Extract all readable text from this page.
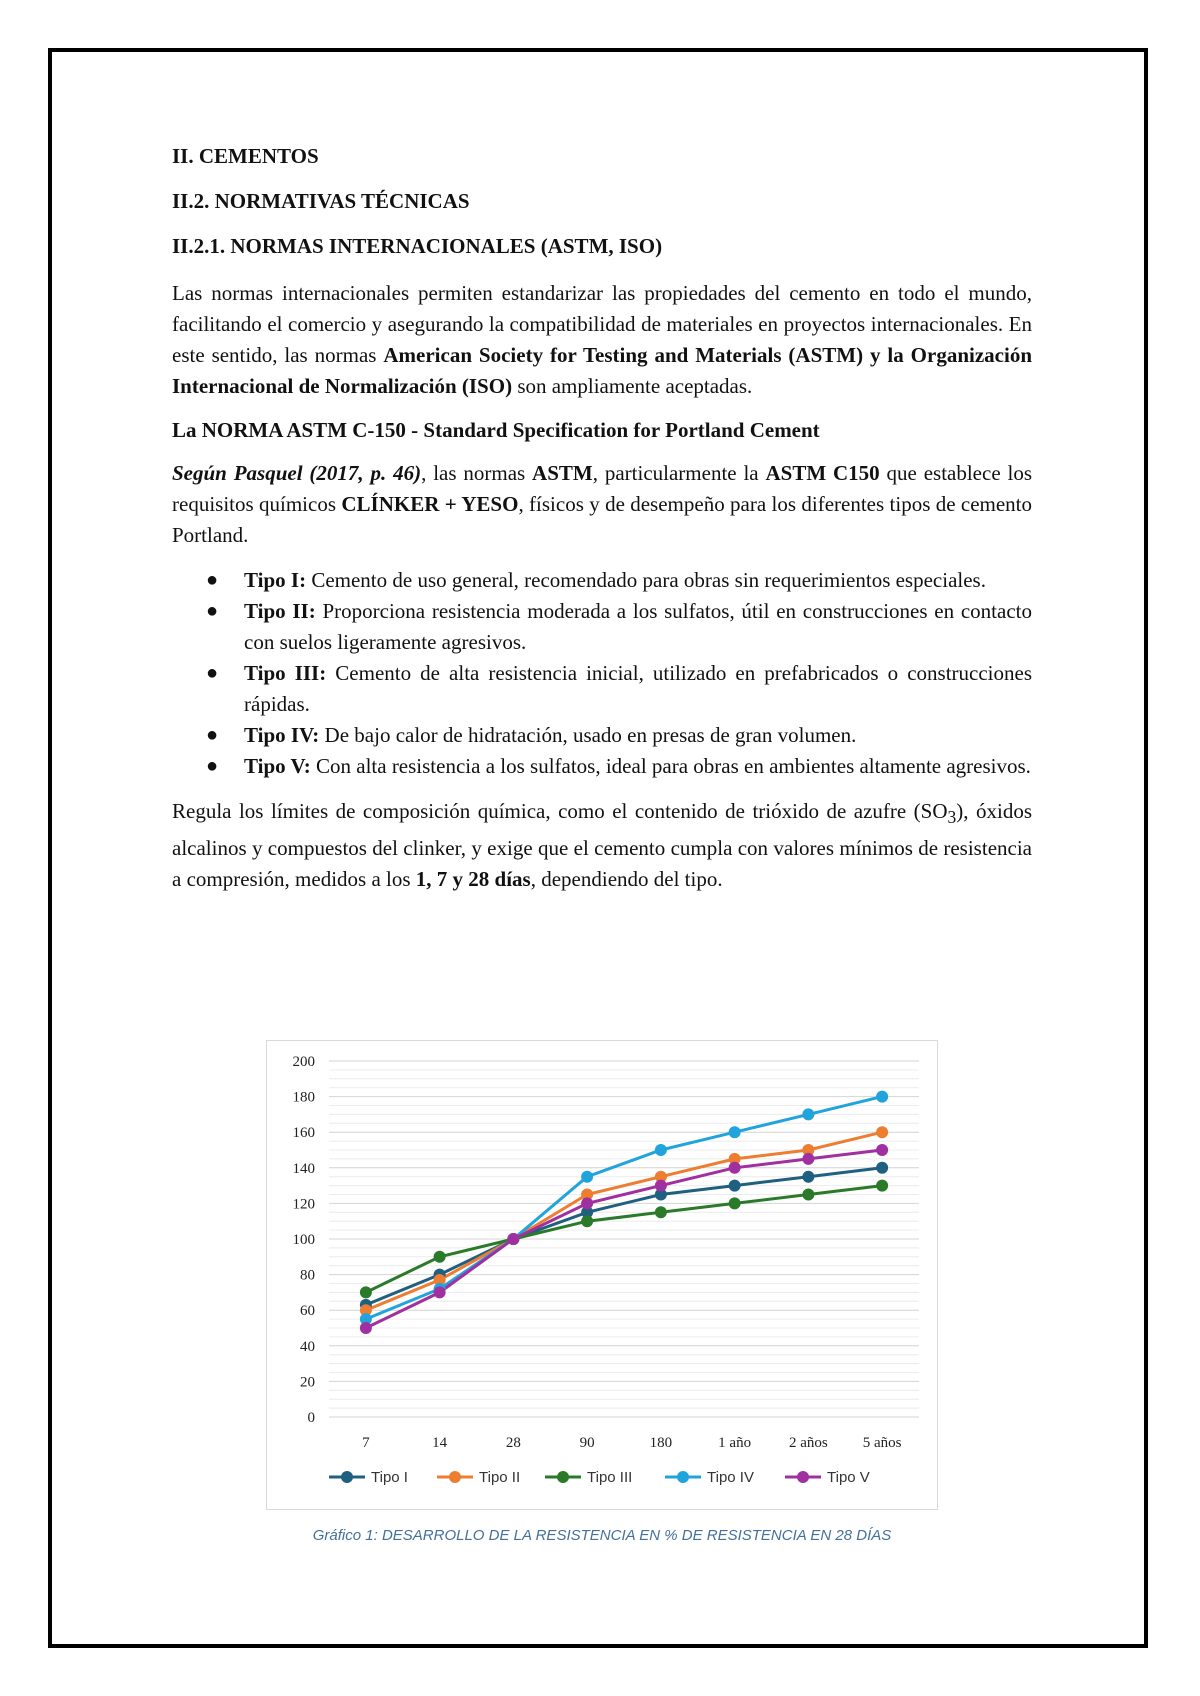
II. CEMENTOS
II.2. NORMATIVAS TÉCNICAS
II.2.1. NORMAS INTERNACIONALES (ASTM, ISO)

Las normas internacionales permiten estandarizar las propiedades del cemento en todo el mundo, facilitando el comercio y asegurando la compatibilidad de materiales en proyectos internacionales. En este sentido, las normas American Society for Testing and Materials (ASTM) y la Organización Internacional de Normalización (ISO) son ampliamente aceptadas.

La NORMA ASTM C-150 - Standard Specification for Portland Cement

Según Pasquel (2017, p. 46), las normas ASTM, particularmente la ASTM C150 que establece los requisitos químicos CLÍNKER + YESO, físicos y de desempeño para los diferentes tipos de cemento Portland.

● Tipo I: Cemento de uso general, recomendado para obras sin requerimientos especiales.
● Tipo II: Proporciona resistencia moderada a los sulfatos, útil en construcciones en contacto con suelos ligeramente agresivos.
● Tipo III: Cemento de alta resistencia inicial, utilizado en prefabricados o construcciones rápidas.
● Tipo IV: De bajo calor de hidratación, usado en presas de gran volumen.
● Tipo V: Con alta resistencia a los sulfatos, ideal para obras en ambientes altamente agresivos.

Regula los límites de composición química, como el contenido de trióxido de azufre $(SO_3)$, óxidos alcalinos y compuestos del clinker, y exige que el cemento cumpla con valores mínimos de resistencia a compresión, medidos a los 1, 7 y 28 días, dependiendo del tipo.

0
20
40
60
80
100
120
140
160
180
200
7	14	28	90	180	1 año	2 años 5 años
Tipo I	Tipo II	Tipo III	Tipo IV	Tipo V
Gráfico 1: DESARROLLO DE LA RESISTENCIA EN % DE RESISTENCIA EN 28 DÍAS
